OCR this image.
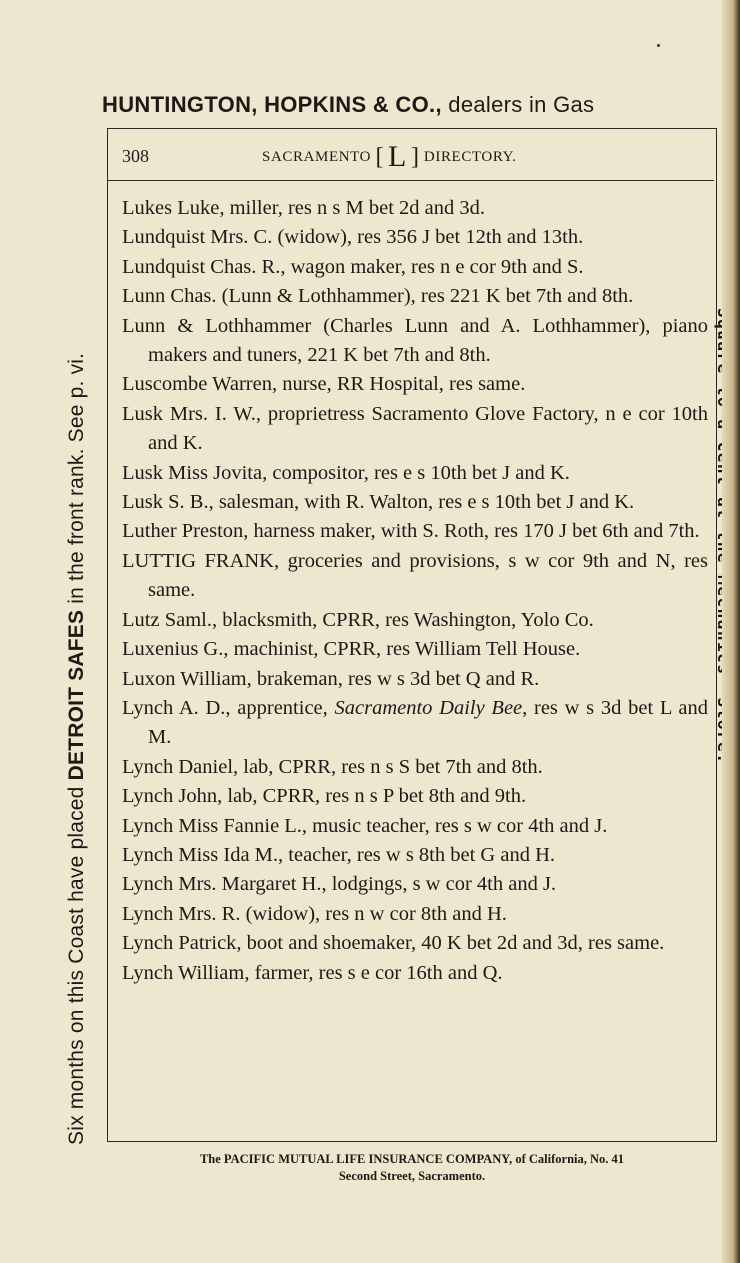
HUNTINGTON, HOPKINS & CO., dealers in Gas
Six months on this Coast have placed DETROIT SAFES in the front rank. See p. vi.
308	SACRAMENTO [ L ] DIRECTORY.
Lukes Luke, miller, res n s M bet 2d and 3d.
Lundquist Mrs. C. (widow), res 356 J bet 12th and 13th.
Lundquist Chas. R., wagon maker, res n e cor 9th and S.
Lunn Chas. (Lunn & Lothhammer), res 221 K bet 7th and 8th.
Lunn & Lothhammer (Charles Lunn and A. Lothhammer), piano makers and tuners, 221 K bet 7th and 8th.
Luscombe Warren, nurse, RR Hospital, res same.
Lusk Mrs. I. W., proprietress Sacramento Glove Factory, n e cor 10th and K.
Lusk Miss Jovita, compositor, res e s 10th bet J and K.
Lusk S. B., salesman, with R. Walton, res e s 10th bet J and K.
Luther Preston, harness maker, with S. Roth, res 170 J bet 6th and 7th.
LUTTIG FRANK, groceries and provisions, s w cor 9th and N, res same.
Lutz Saml., blacksmith, CPRR, res Washington, Yolo Co.
Luxenius G., machinist, CPRR, res William Tell House.
Luxon William, brakeman, res w s 3d bet Q and R.
Lynch A. D., apprentice, Sacramento Daily Bee, res w s 3d bet L and M.
Lynch Daniel, lab, CPRR, res n s S bet 7th and 8th.
Lynch John, lab, CPRR, res n s P bet 8th and 9th.
Lynch Miss Fannie L., music teacher, res s w cor 4th and J.
Lynch Miss Ida M., teacher, res w s 8th bet G and H.
Lynch Mrs. Margaret H., lodgings, s w cor 4th and J.
Lynch Mrs. R. (widow), res n w cor 8th and H.
Lynch Patrick, boot and shoemaker, 40 K bet 2d and 3d, res same.
Lynch William, farmer, res s e cor 16th and Q.
The PACIFIC MUTUAL LIFE INSURANCE COMPANY, of California, No. 41
Second Street, Sacramento.
